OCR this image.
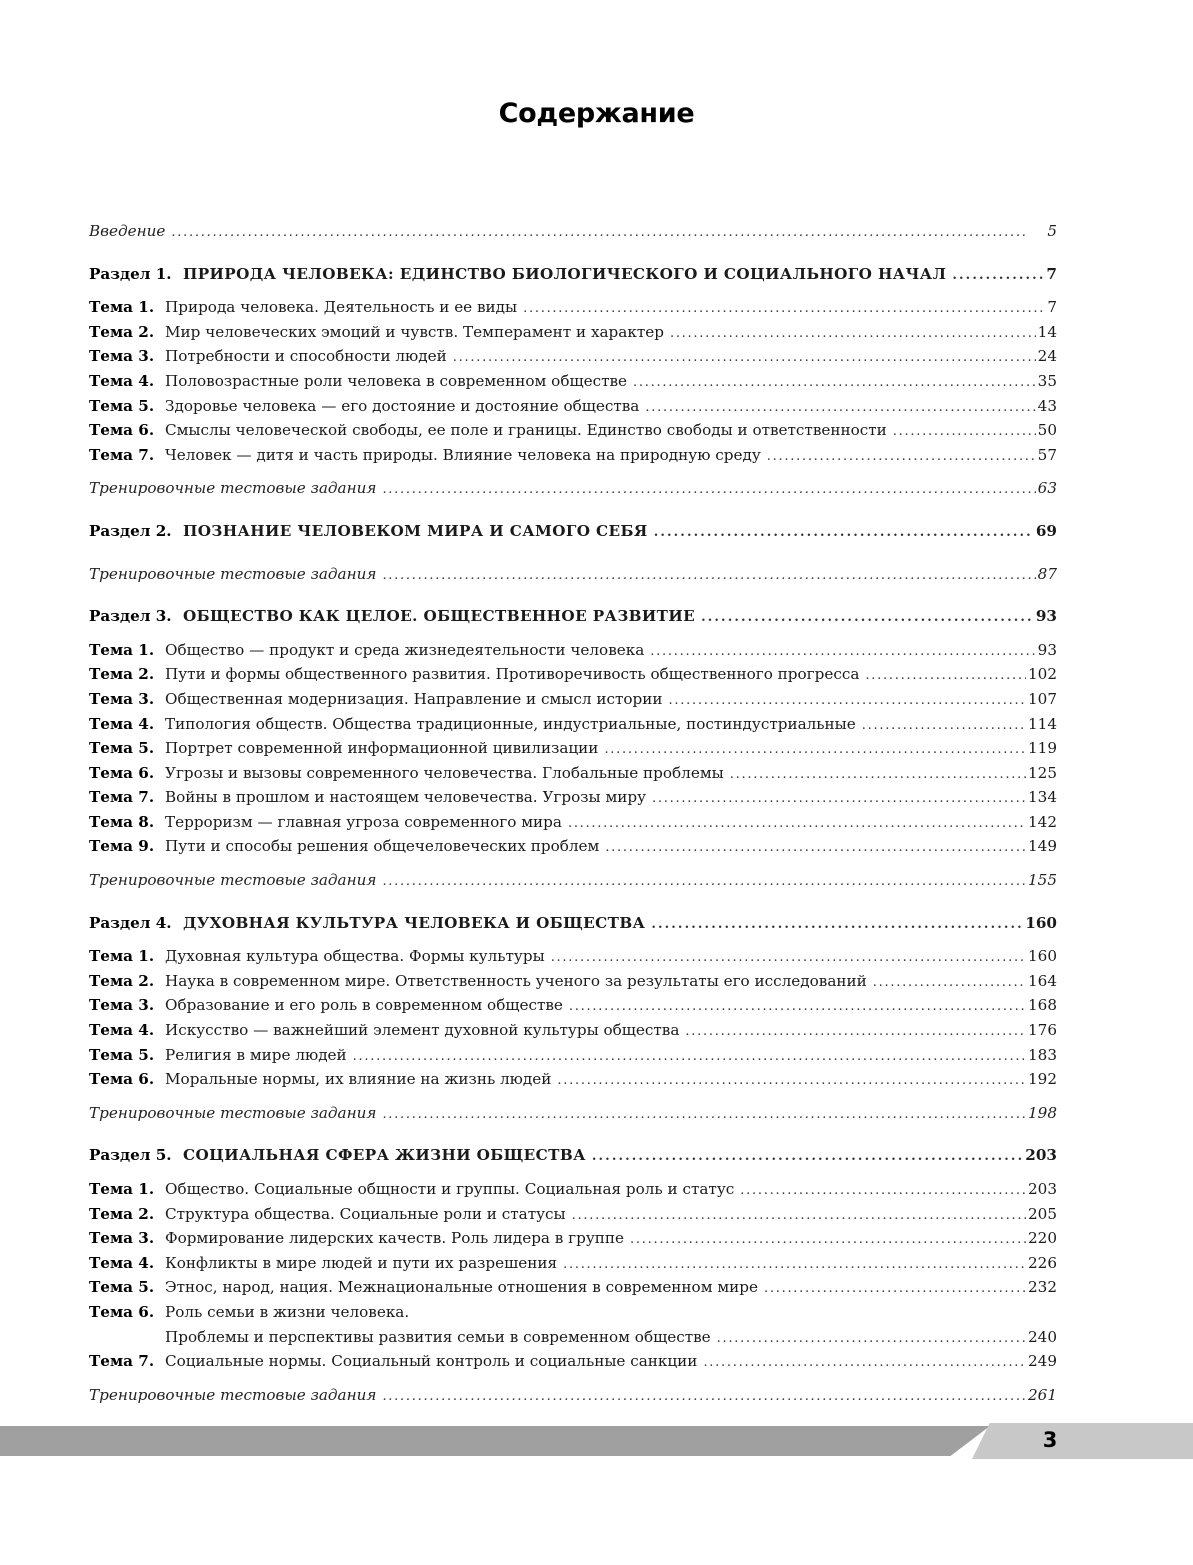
Содержание
Введение . . .	5
Раздел 1. ПРИРОДА ЧЕЛОВЕКА: ЕДИНСТВО БИОЛОГИЧЕСКОГО И СОЦИАЛЬНОГО НАЧАЛ . . .	7
Тема 1. Природа человека. Деятельность и ее виды . . .	7
Тема 2. Мир человеческих эмоций и чувств. Темперамент и характер . . .	14
Тема 3. Потребности и способности людей . . .	24
Тема 4. Половозрастные роли человека в современном обществе . . .	35
Тема 5. Здоровье человека — его достояние и достояние общества . . .	43
Тема 6. Смыслы человеческой свободы, ее поле и границы. Единство свободы и ответственности . . .	50
Тема 7. Человек — дитя и часть природы. Влияние человека на природную среду . . .	57
Тренировочные тестовые задания . . .	63
Раздел 2. ПОЗНАНИЕ ЧЕЛОВЕКОМ МИРА И САМОГО СЕБЯ . . .	69
Тренировочные тестовые задания . . .	87
Раздел 3. ОБЩЕСТВО КАК ЦЕЛОЕ. ОБЩЕСТВЕННОЕ РАЗВИТИЕ . . .	93
Тема 1. Общество — продукт и среда жизнедеятельности человека . . .	93
Тема 2. Пути и формы общественного развития. Противоречивость общественного прогресса . . .	102
Тема 3. Общественная модернизация. Направление и смысл истории . . .	107
Тема 4. Типология обществ. Общества традиционные, индустриальные, постиндустриальные . . .	114
Тема 5. Портрет современной информационной цивилизации . . .	119
Тема 6. Угрозы и вызовы современного человечества. Глобальные проблемы . . .	125
Тема 7. Войны в прошлом и настоящем человечества. Угрозы миру . . .	134
Тема 8. Терроризм — главная угроза современного мира . . .	142
Тема 9. Пути и способы решения общечеловеческих проблем . . .	149
Тренировочные тестовые задания . . .	155
Раздел 4. ДУХОВНАЯ КУЛЬТУРА ЧЕЛОВЕКА И ОБЩЕСТВА . . .	160
Тема 1. Духовная культура общества. Формы культуры . . .	160
Тема 2. Наука в современном мире. Ответственность ученого за результаты его исследований . . .	164
Тема 3. Образование и его роль в современном обществе . . .	168
Тема 4. Искусство — важнейший элемент духовной культуры общества . . .	176
Тема 5. Религия в мире людей . . .	183
Тема 6. Моральные нормы, их влияние на жизнь людей . . .	192
Тренировочные тестовые задания . . .	198
Раздел 5. СОЦИАЛЬНАЯ СФЕРА ЖИЗНИ ОБЩЕСТВА . . .	203
Тема 1. Общество. Социальные общности и группы. Социальная роль и статус . . .	203
Тема 2. Структура общества. Социальные роли и статусы . . .	205
Тема 3. Формирование лидерских качеств. Роль лидера в группе . . .	220
Тема 4. Конфликты в мире людей и пути их разрешения . . .	226
Тема 5. Этнос, народ, нация. Межнациональные отношения в современном мире . . .	232
Тема 6. Роль семьи в жизни человека.
Проблемы и перспективы развития семьи в современном обществе . . .	240
Тема 7. Социальные нормы. Социальный контроль и социальные санкции . . .	249
Тренировочные тестовые задания . . .	261
3
